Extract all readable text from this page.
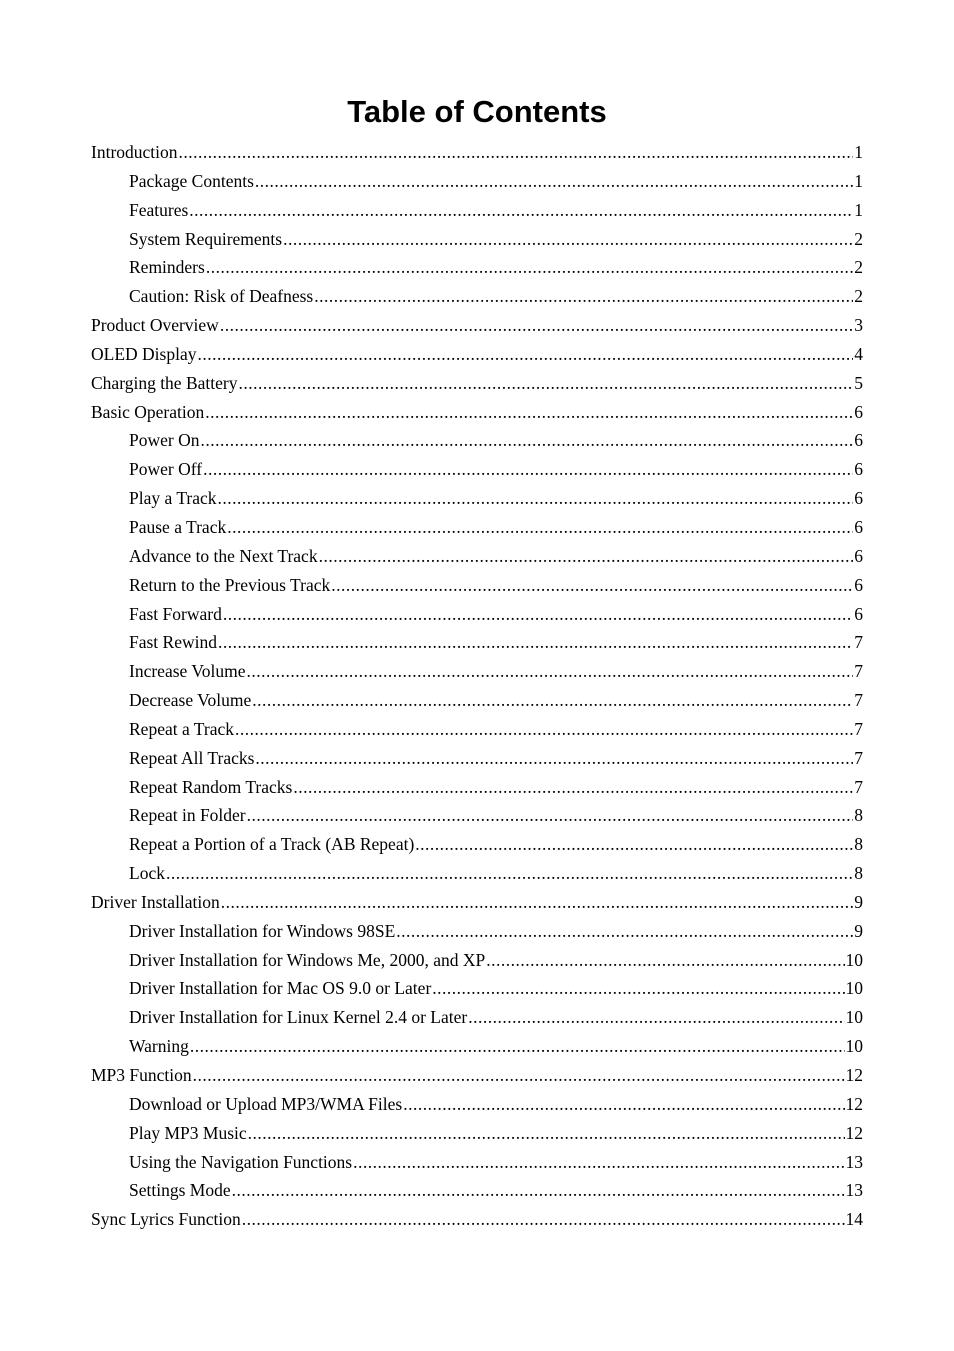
Table of Contents
Introduction .....	1
Package Contents .....	1
Features .....	1
System Requirements .....	2
Reminders .....	2
Caution: Risk of Deafness .....	2
Product Overview .....	3
OLED Display .....	4
Charging the Battery .....	5
Basic Operation .....	6
Power On .....	6
Power Off .....	6
Play a Track .....	6
Pause a Track .....	6
Advance to the Next Track .....	6
Return to the Previous Track .....	6
Fast Forward .....	6
Fast Rewind .....	7
Increase Volume .....	7
Decrease Volume .....	7
Repeat a Track .....	7
Repeat All Tracks .....	7
Repeat Random Tracks .....	7
Repeat in Folder .....	8
Repeat a Portion of a Track (AB Repeat) .....	8
Lock .....	8
Driver Installation .....	9
Driver Installation for Windows 98SE .....	9
Driver Installation for Windows Me, 2000, and XP .....	10
Driver Installation for Mac OS 9.0 or Later .....	10
Driver Installation for Linux Kernel 2.4 or Later .....	10
Warning .....	10
MP3 Function .....	12
Download or Upload MP3/WMA Files .....	12
Play MP3 Music .....	12
Using the Navigation Functions .....	13
Settings Mode .....	13
Sync Lyrics Function .....	14
